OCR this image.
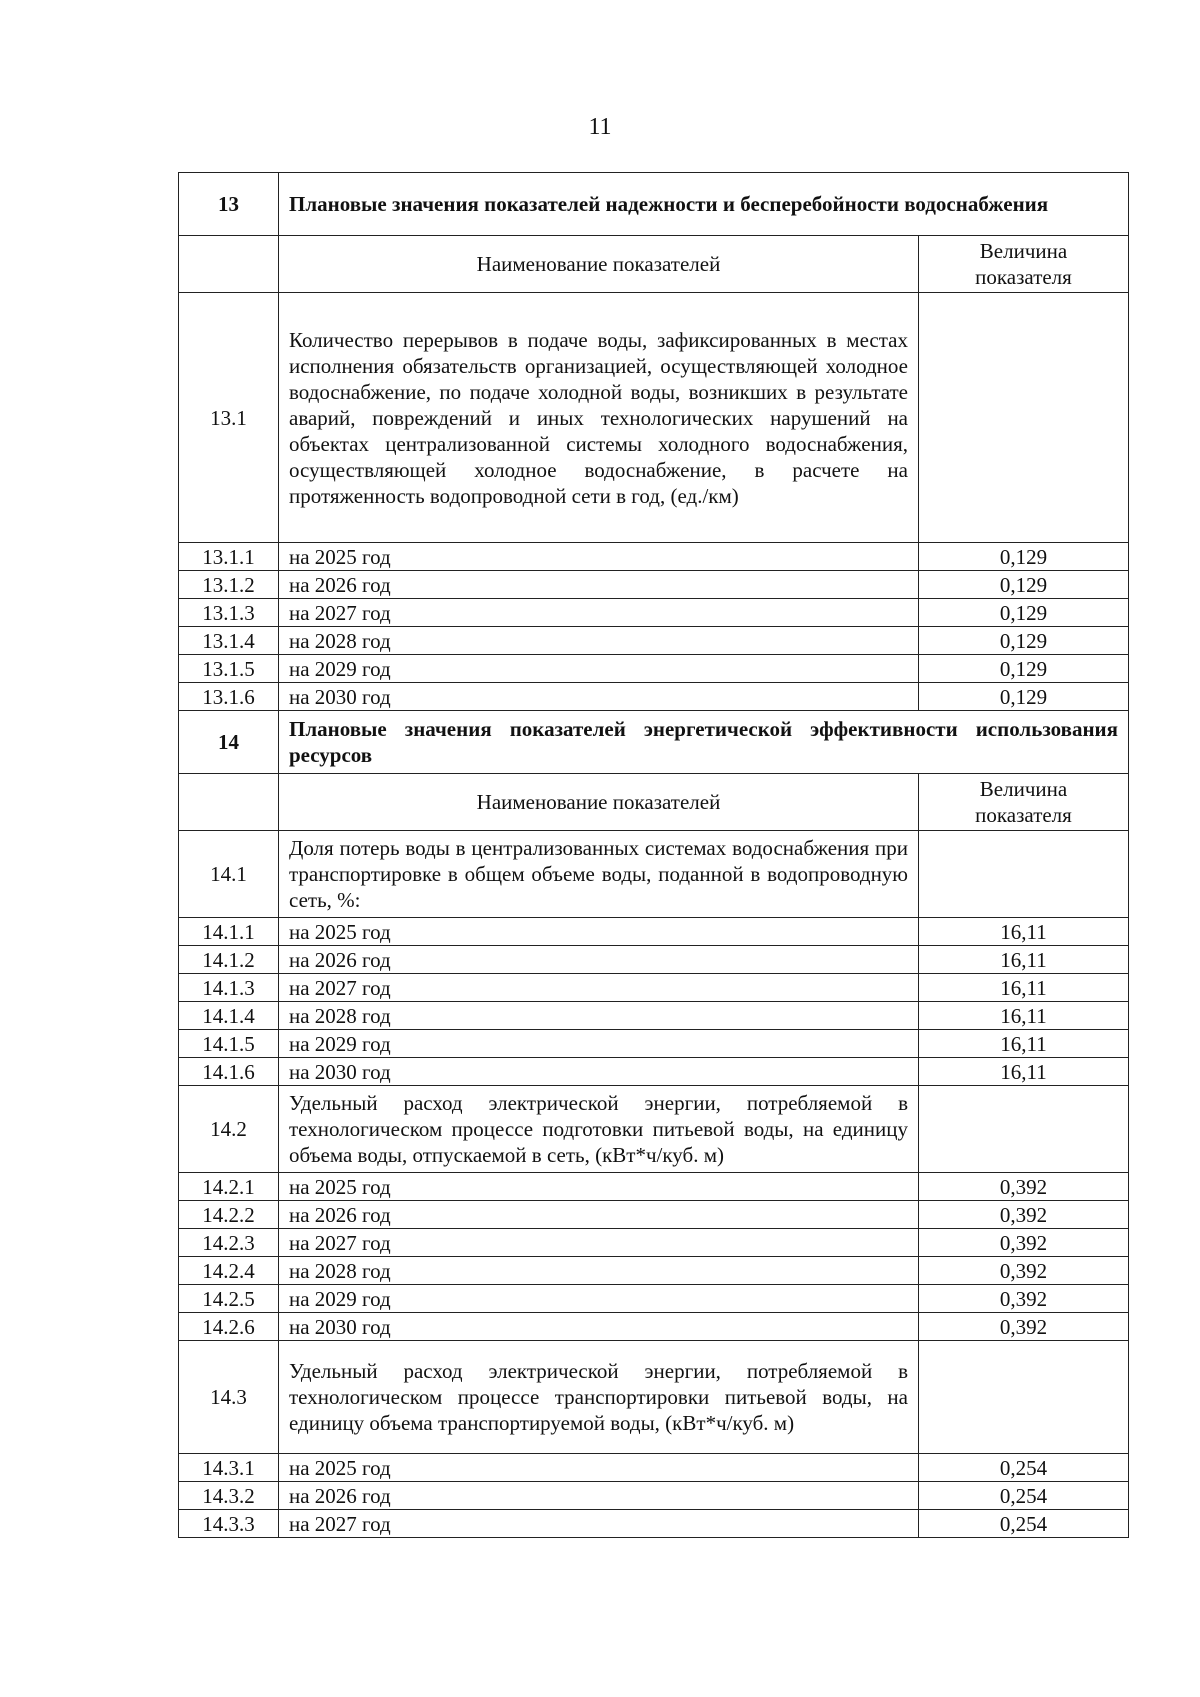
11
13	Плановые значения показателей надежности и бесперебойности водоснабжения	
	Наименование показателей	Величина показателя
13.1	Количество перерывов в подаче воды, зафиксированных в местах исполнения обязательств организацией, осуществляющей холодное водоснабжение, по подаче холодной воды, возникших в результате аварий, повреждений и иных технологических нарушений на объектах централизованной системы холодного водоснабжения, осуществляющей холодное водоснабжение, в расчете на протяженность водопроводной сети в год, (ед./км)	
13.1.1	на 2025 год	0,129
13.1.2	на 2026 год	0,129
13.1.3	на 2027 год	0,129
13.1.4	на 2028 год	0,129
13.1.5	на 2029 год	0,129
13.1.6	на 2030 год	0,129
14	Плановые значения показателей энергетической эффективности использования ресурсов	
	Наименование показателей	Величина показателя
14.1	Доля потерь воды в централизованных системах водоснабжения при транспортировке в общем объеме воды, поданной в водопроводную сеть, %:	
14.1.1	на 2025 год	16,11
14.1.2	на 2026 год	16,11
14.1.3	на 2027 год	16,11
14.1.4	на 2028 год	16,11
14.1.5	на 2029 год	16,11
14.1.6	на 2030 год	16,11
14.2	Удельный расход электрической энергии, потребляемой в технологическом процессе подготовки питьевой воды, на единицу объема воды, отпускаемой в сеть, (кВт*ч/куб. м)	
14.2.1	на 2025 год	0,392
14.2.2	на 2026 год	0,392
14.2.3	на 2027 год	0,392
14.2.4	на 2028 год	0,392
14.2.5	на 2029 год	0,392
14.2.6	на 2030 год	0,392
14.3	Удельный расход электрической энергии, потребляемой в технологическом процессе транспортировки питьевой воды, на единицу объема транспортируемой воды, (кВт*ч/куб. м)	
14.3.1	на 2025 год	0,254
14.3.2	на 2026 год	0,254
14.3.3	на 2027 год	0,254
